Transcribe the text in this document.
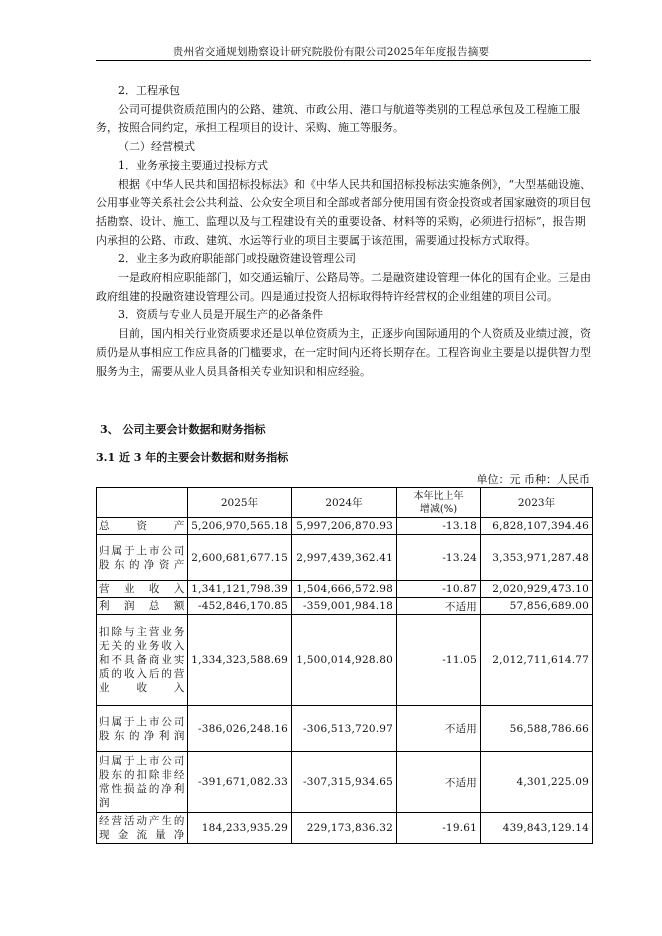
贵州省交通规划勘察设计研究院股份有限公司2025年年度报告摘要

2．工程承包

公司可提供资质范围内的公路、建筑、市政公用、港口与航道等类别的工程总承包及工程施工服务，按照合同约定，承担工程项目的设计、采购、施工等服务。

（二）经营模式

1．业务承接主要通过投标方式

根据《中华人民共和国招标投标法》和《中华人民共和国招标投标法实施条例》，“大型基础设施、公用事业等关系社会公共利益、公众安全项目和全部或者部分使用国有资金投资或者国家融资的项目包括勘察、设计、施工、监理以及与工程建设有关的重要设备、材料等的采购，必须进行招标”，报告期内承担的公路、市政、建筑、水运等行业的项目主要属于该范围，需要通过投标方式取得。

2．业主多为政府职能部门或投融资建设管理公司

一是政府相应职能部门，如交通运输厅、公路局等。二是融资建设管理一体化的国有企业。三是由政府组建的投融资建设管理公司。四是通过投资人招标取得特许经营权的企业组建的项目公司。

3．资质与专业人员是开展生产的必备条件

目前，国内相关行业资质要求还是以单位资质为主，正逐步向国际通用的个人资质及业绩过渡，资质仍是从事相应工作应具备的门槛要求，在一定时间内还将长期存在。工程咨询业主要是以提供智力型服务为主，需要从业人员具备相关专业知识和相应经验。

3、 公司主要会计数据和财务指标
3.1 近 3 年的主要会计数据和财务指标
单位：元 币种：人民币
	2025年	2024年	本年比上年
增减(%)	2023年
总资产	5,206,970,565.18	5,997,206,870.93	-13.18	6,828,107,394.46
归属于上市公司股东的净资产	2,600,681,677.15	2,997,439,362.41	-13.24	3,353,971,287.48
营业收入	1,341,121,798.39	1,504,666,572.98	-10.87	2,020,929,473.10
利润总额	-452,846,170.85	-359,001,984.18	不适用	57,856,689.00
扣除与主营业务无关的业务收入和不具备商业实质的收入后的营业收入	1,334,323,588.69	1,500,014,928.80	-11.05	2,012,711,614.77
归属于上市公司股东的净利润	-386,026,248.16	-306,513,720.97	不适用	56,588,786.66
归属于上市公司股东的扣除非经常性损益的净利润	-391,671,082.33	-307,315,934.65	不适用	4,301,225.09
经营活动产生的现金流量净	184,233,935.29	229,173,836.32	-19.61	439,843,129.14
